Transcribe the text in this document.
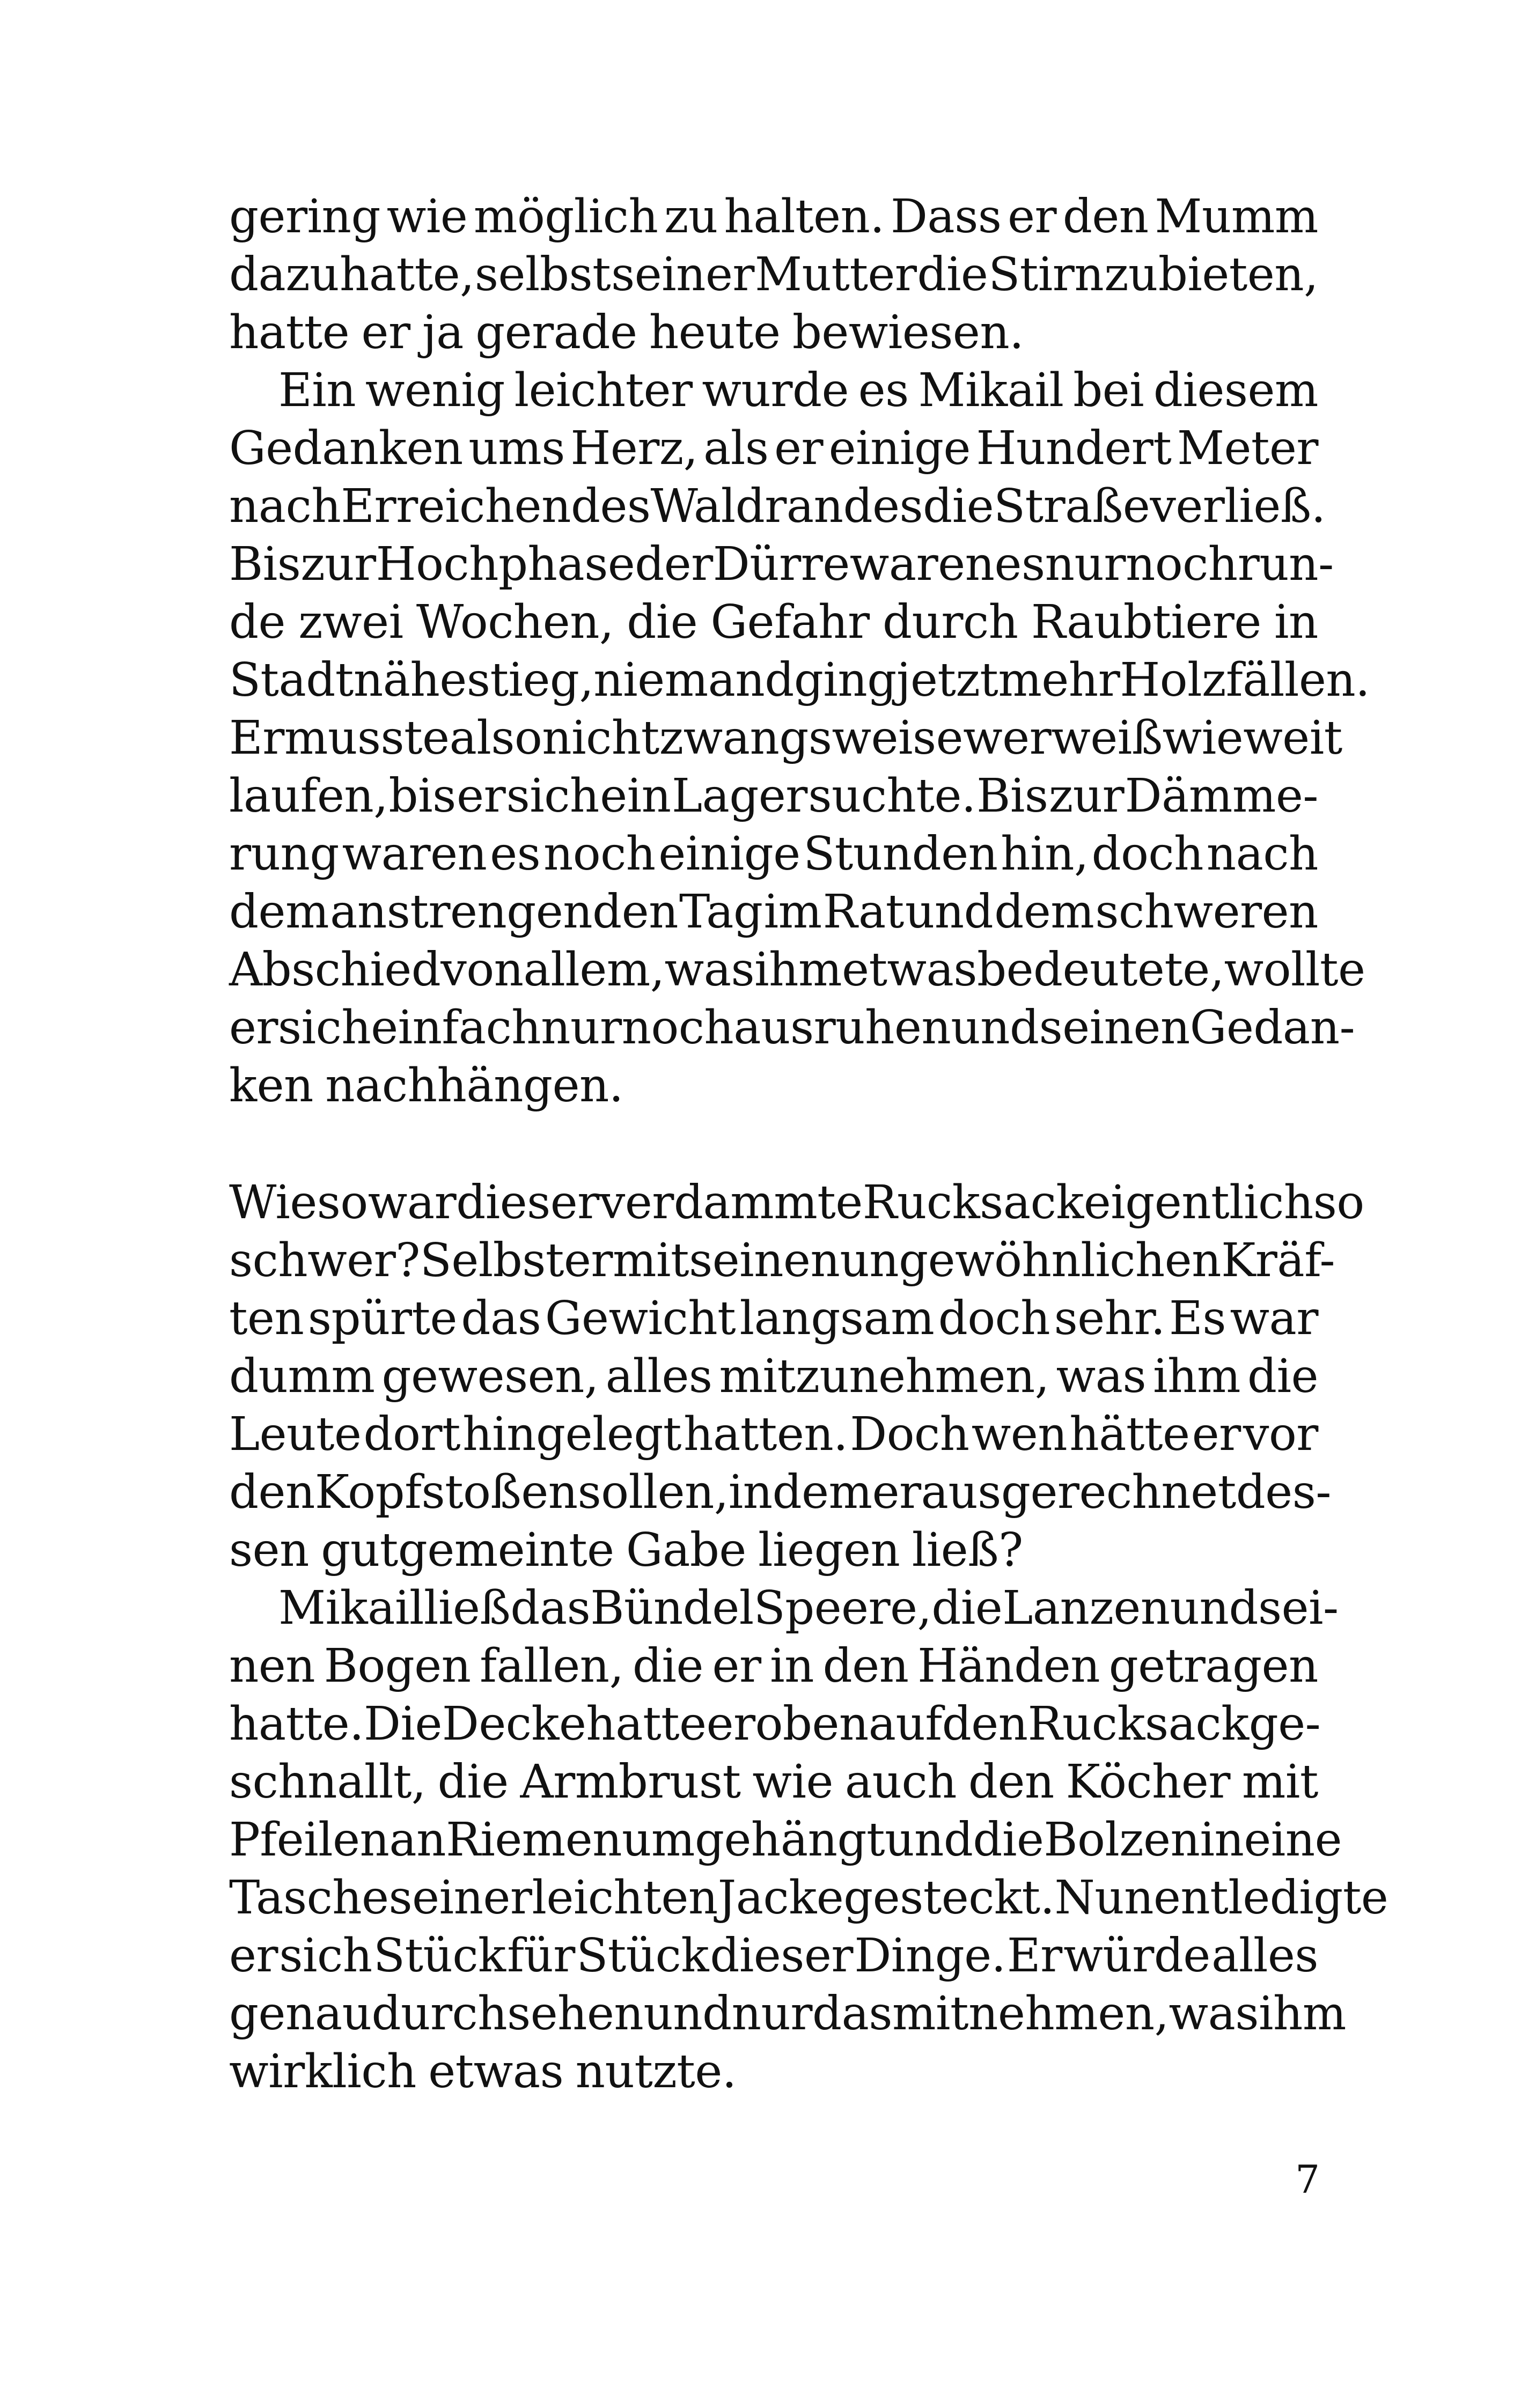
gering wie möglich zu halten. Dass er den Mumm
dazu hatte, selbst seiner Mutter die Stirn zu bieten,
hatte er ja gerade heute bewiesen.
Ein wenig leichter wurde es Mikail bei diesem
Gedanken ums Herz, als er einige Hundert Meter
nach Erreichen des Waldrandes die Straße verließ.
Bis zur Hochphase der Dürre waren es nur noch run-
de zwei Wochen, die Gefahr durch Raubtiere in
Stadtnähe stieg, niemand ging jetzt mehr Holz fällen.
Er musste also nicht zwangsweise wer weiß wie weit
laufen, bis er sich ein Lager suchte. Bis zur Dämme-
rung waren es noch einige Stunden hin, doch nach
dem anstrengenden Tag im Rat und dem schweren
Abschied von allem, was ihm etwas bedeutete, wollte
er sich einfach nur noch ausruhen und seinen Gedan-
ken nachhängen.
Wieso war dieser verdammte Rucksack eigentlich so
schwer? Selbst er mit seinen ungewöhnlichen Kräf-
ten spürte das Gewicht langsam doch sehr. Es war
dumm gewesen, alles mitzunehmen, was ihm die
Leute dort hingelegt hatten. Doch wen hätte er vor
den Kopf stoßen sollen, indem er ausgerechnet des-
sen gutgemeinte Gabe liegen ließ?
Mikail ließ das Bündel Speere, die Lanzen und sei-
nen Bogen fallen, die er in den Händen getragen
hatte. Die Decke hatte er oben auf den Rucksack ge-
schnallt, die Armbrust wie auch den Köcher mit
Pfeilen an Riemen umgehängt und die Bolzen in eine
Tasche seiner leichten Jacke gesteckt. Nun entledigte
er sich Stück für Stück dieser Dinge. Er würde alles
genau durchsehen und nur das mitnehmen, was ihm
wirklich etwas nutzte.
7
